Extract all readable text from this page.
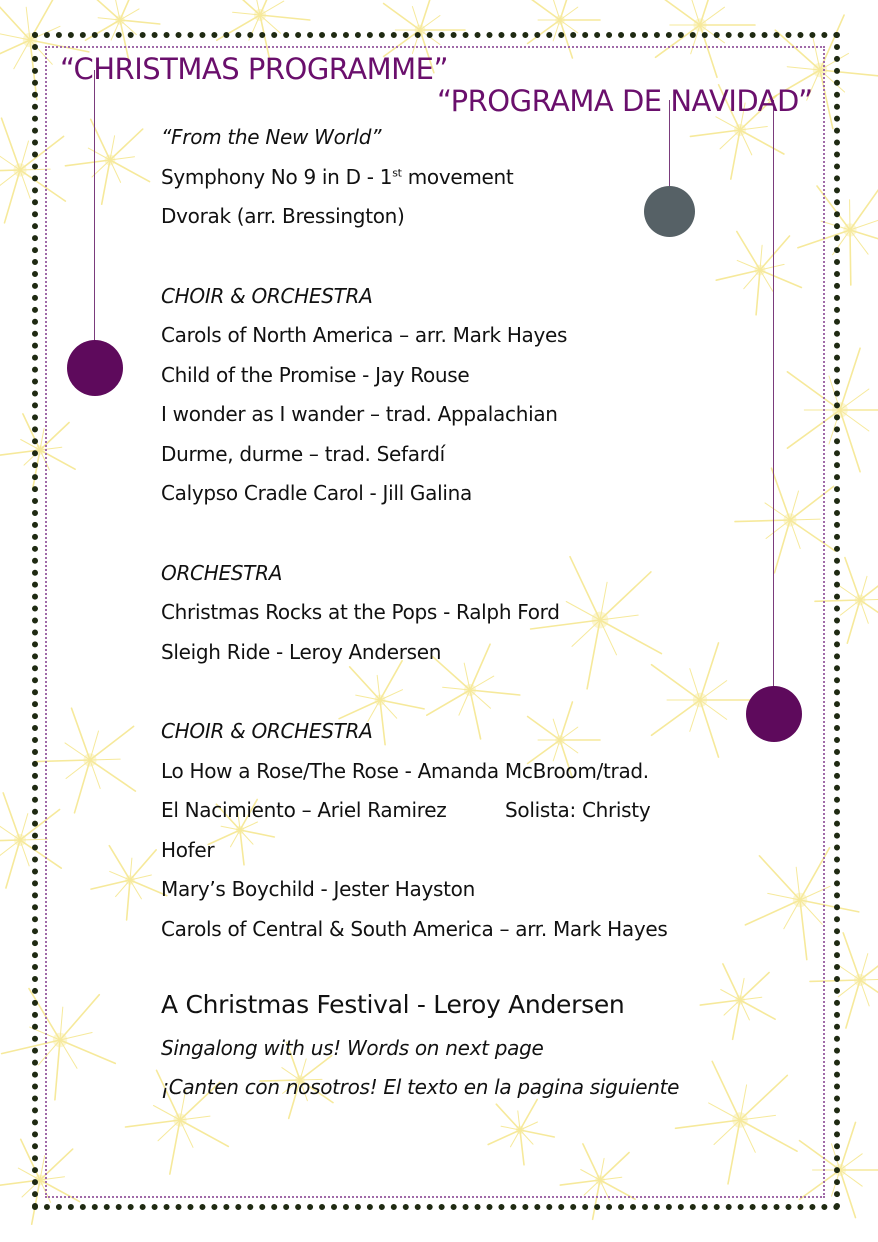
“CHRISTMAS PROGRAMME”
“PROGRAMA DE NAVIDAD”
“From the New World”
Symphony No 9 in D - 1st movement
Dvorak (arr. Bressington)
CHOIR & ORCHESTRA
Carols of North America – arr. Mark Hayes
Child of the Promise - Jay Rouse
I wonder as I wander – trad. Appalachian
Durme, durme – trad. Sefardí
Calypso Cradle Carol - Jill Galina
ORCHESTRA
Christmas Rocks at the Pops - Ralph Ford
Sleigh Ride - Leroy Andersen
CHOIR & ORCHESTRA
Lo How a Rose/The Rose - Amanda McBroom/trad.
El Nacimiento – Ariel Ramirez	Solista: Christy
Hofer
Mary’s Boychild - Jester Hayston
Carols of Central & South America – arr. Mark Hayes
A Christmas Festival - Leroy Andersen
Singalong with us! Words on next page
¡Canten con nosotros! El texto en la pagina siguiente
